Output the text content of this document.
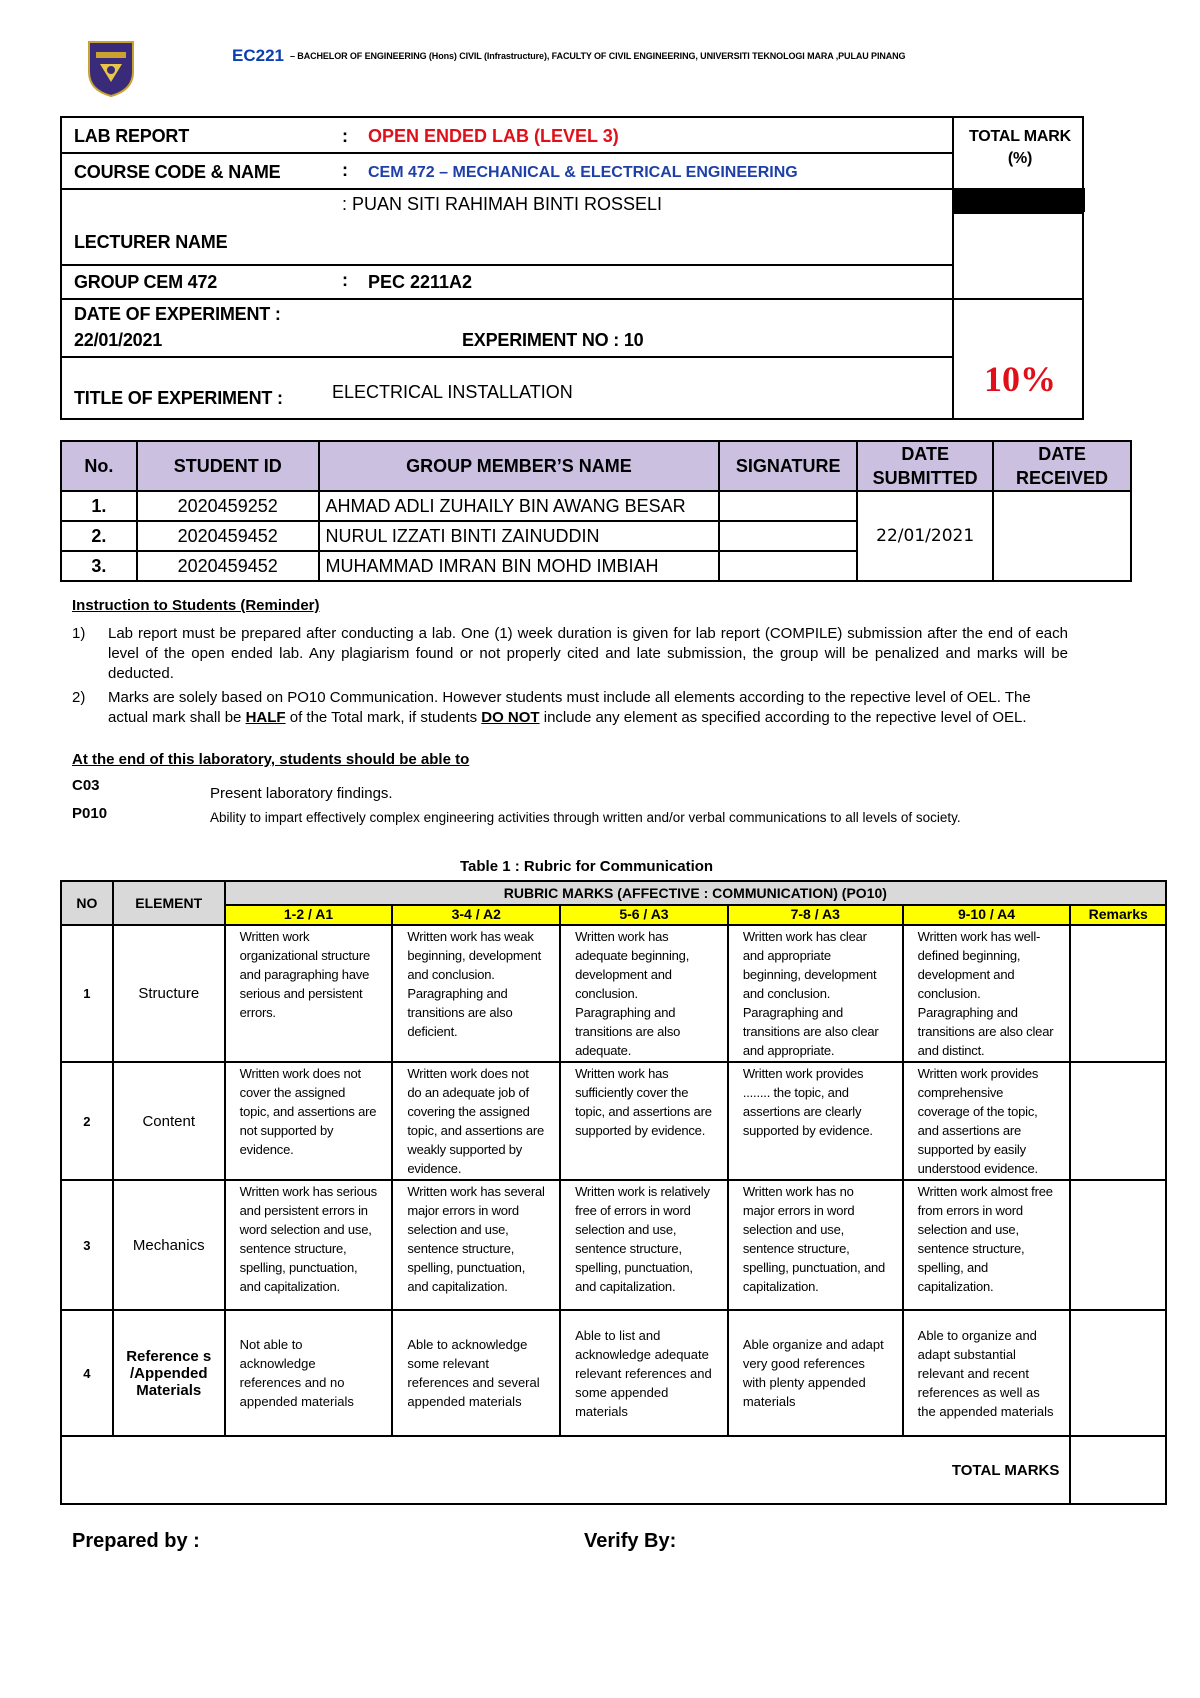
EC221 – BACHELOR OF ENGINEERING (Hons) CIVIL (Infrastructure), FACULTY OF CIVIL ENGINEERING, UNIVERSITI TEKNOLOGI MARA ,PULAU PINANG
LAB REPORT	: OPEN ENDED LAB (LEVEL 3)
COURSE CODE & NAME	: CEM 472 – MECHANICAL & ELECTRICAL ENGINEERING
: PUAN SITI RAHIMAH BINTI ROSSELI
LECTURER NAME
GROUP CEM 472	: PEC 2211A2
DATE OF EXPERIMENT :
22/01/2021	EXPERIMENT NO : 10
TITLE OF EXPERIMENT :	ELECTRICAL INSTALLATION
TOTAL MARK (%)
10%
No.	STUDENT ID	GROUP MEMBER’S NAME	SIGNATURE	DATE SUBMITTED	DATE RECEIVED
1.	2020459252	AHMAD ADLI ZUHAILY BIN AWANG BESAR		22/01/2021	
2.	2020459452	NURUL IZZATI BINTI ZAINUDDIN			
3.	2020459452	MUHAMMAD IMRAN BIN MOHD IMBIAH			
Instruction to Students (Reminder)
1) Lab report must be prepared after conducting a lab. One (1) week duration is given for lab report (COMPILE) submission after the end of each level of the open ended lab. Any plagiarism found or not properly cited and late submission, the group will be penalized and marks will be deducted.
2) Marks are solely based on PO10 Communication. However students must include all elements according to the repective level of OEL. The actual mark shall be HALF of the Total mark, if students DO NOT include any element as specified according to the repective level of OEL.
At the end of this laboratory, students should be able to
C03	Present laboratory findings.
P010	Ability to impart effectively complex engineering activities through written and/or verbal communications to all levels of society.
Table 1 : Rubric for Communication
NO	ELEMENT	RUBRIC MARKS (AFFECTIVE : COMMUNICATION) (PO10)					
		1-2 / A1	3-4 / A2	5-6 / A3	7-8 / A3	9-10 / A4	Remarks
1	Structure	Written work organizational structure and paragraphing have serious and persistent errors.	Written work has weak beginning, development and conclusion. Paragraphing and transitions are also deficient.	Written work has adequate beginning, development and conclusion. Paragraphing and transitions are also adequate.	Written work has clear and appropriate beginning, development and conclusion. Paragraphing and transitions are also clear and appropriate.	Written work has well-defined beginning, development and conclusion. Paragraphing and transitions are also clear and distinct.	
2	Content	Written work does not cover the assigned topic, and assertions are not supported by evidence.	Written work does not do an adequate job of covering the assigned topic, and assertions are weakly supported by evidence.	Written work has sufficiently cover the topic, and assertions are supported by evidence.	Written work provides ........ the topic, and assertions are clearly supported by evidence.	Written work provides comprehensive coverage of the topic, and assertions are supported by easily understood evidence.	
3	Mechanics	Written work has serious and persistent errors in word selection and use, sentence structure, spelling, punctuation, and capitalization.	Written work has several major errors in word selection and use, sentence structure, spelling, punctuation, and capitalization.	Written work is relatively free of errors in word selection and use, sentence structure, spelling, punctuation, and capitalization.	Written work has no major errors in word selection and use, sentence structure, spelling, punctuation, and capitalization.	Written work almost free from errors in word selection and use, sentence structure, spelling, and capitalization.	
4	Reference s /Appended Materials	Not able to acknowledge references and no appended materials	Able to acknowledge some relevant references and several appended materials	Able to list and acknowledge adequate relevant references and some appended materials	Able organize and adapt very good references with plenty appended materials	Able to organize and adapt substantial relevant and recent references as well as the appended materials	
TOTAL MARKS							
Prepared by :	Verify By:
